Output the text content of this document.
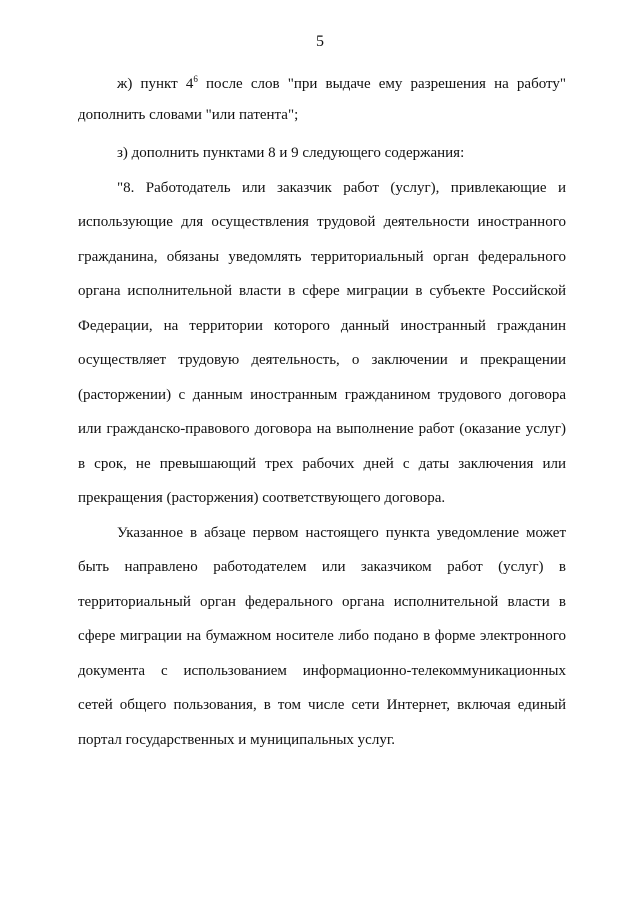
5
ж) пункт $4^6$ после слов "при выдаче ему разрешения на работу"
дополнить словами "или патента";
з) дополнить пунктами 8 и 9 следующего содержания:
"8. Работодатель или заказчик работ (услуг), привлекающие и
использующие для осуществления трудовой деятельности иностранного
гражданина, обязаны уведомлять территориальный орган федерального
органа исполнительной власти в сфере миграции в субъекте Российской
Федерации, на территории которого данный иностранный гражданин
осуществляет трудовую деятельность, о заключении и прекращении
(расторжении) с данным иностранным гражданином трудового договора
или гражданско-правового договора на выполнение работ (оказание услуг)
в срок, не превышающий трех рабочих дней с даты заключения или
прекращения (расторжения) соответствующего договора.
Указанное в абзаце первом настоящего пункта уведомление может
быть направлено работодателем или заказчиком работ (услуг) в
территориальный орган федерального органа исполнительной власти в
сфере миграции на бумажном носителе либо подано в форме электронного
документа с использованием информационно-телекоммуникационных
сетей общего пользования, в том числе сети Интернет, включая единый
портал государственных и муниципальных услуг.
